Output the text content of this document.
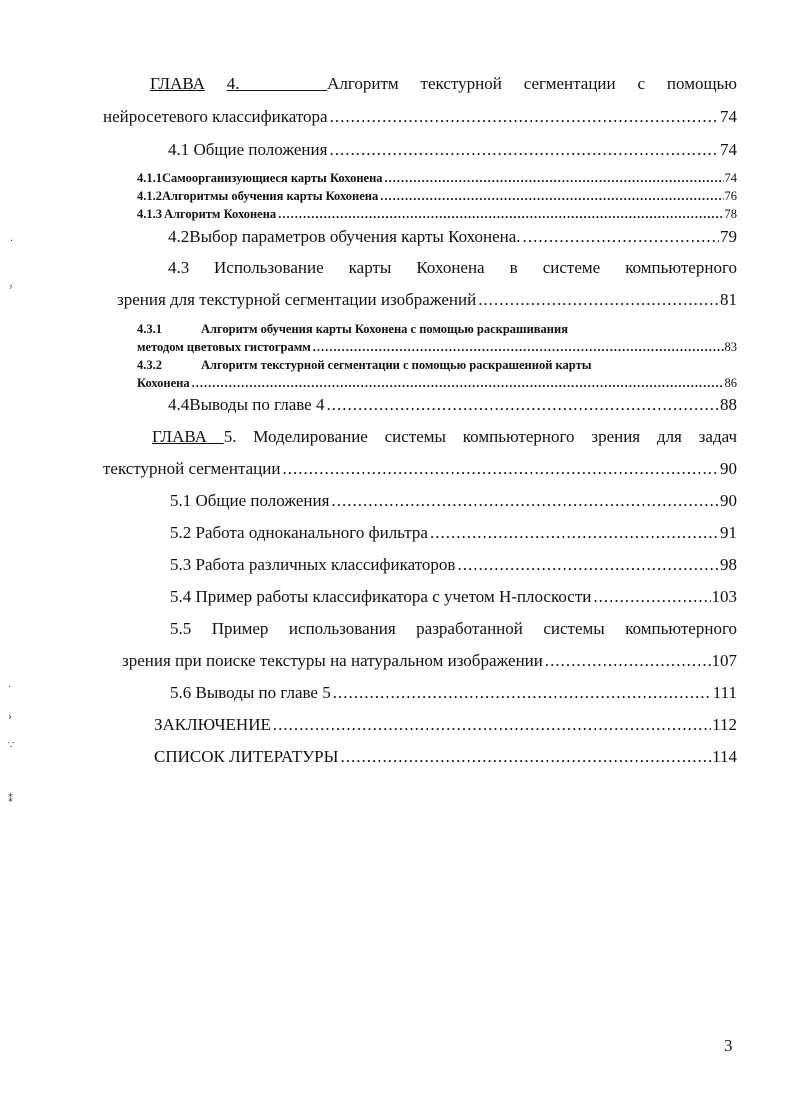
ГЛАВА 4.	Алгоритм текстурной сегментации с помощью
нейросетевого классификатора .....	74
4.1 Общие положения .....	74
4.1.1 Самоорганизующиеся карты Кохонена .....	74
4.1.2 Алгоритмы обучения карты Кохонена .....	76
4.1.3 Алгоритм Кохонена .....	78
4.2 Выбор параметров обучения карты Кохонена. .....	79
4.3	Использование карты Кохонена в системе компьютерного
зрения для текстурной сегментации изображений .....	81
4.3.1	Алгоритм обучения карты Кохонена с помощью раскрашивания
методом цветовых гистограмм .....	83
4.3.2	Алгоритм текстурной сегментации с помощью раскрашенной карты
Кохонена .....	86
4.4 Выводы по главе 4 .....	88
ГЛАВА 5. Моделирование системы компьютерного зрения для задач
текстурной сегментации .....	90
5.1 Общие положения .....	90
5.2 Работа одноканального фильтра .....	91
5.3 Работа различных классификаторов .....	98
5.4 Пример работы классификатора с учетом Н-плоскости .....	103
5.5 Пример использования разработанной системы компьютерного
зрения при поиске текстуры на натуральном изображении .....	107
5.6 Выводы по главе 5 .....	111
ЗАКЛЮЧЕНИЕ .....	112
СПИСОК ЛИТЕРАТУРЫ .....	114
3
·
ˀ
·
›
∵
⁑
